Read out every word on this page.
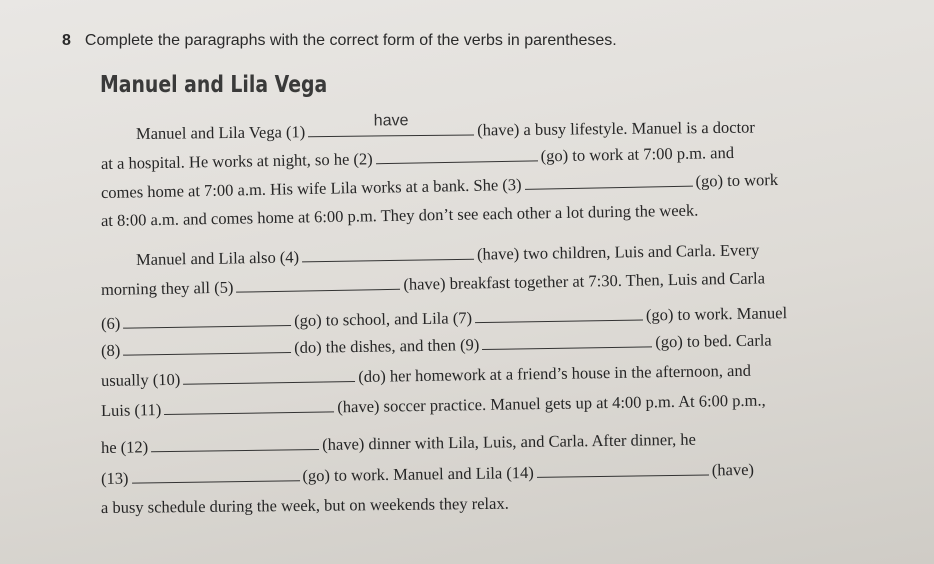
8 Complete the paragraphs with the correct form of the verbs in parentheses.
Manuel and Lila Vega
Manuel and Lila Vega (1)
have	(have) a busy lifestyle. Manuel is a doctor
at a hospital. He works at night, so he (2)	(go) to work at 7:00 p.m. and
comes home at 7:00 a.m. His wife Lila works at a bank. She (3)	(go) to work
at 8:00 a.m. and comes home at 6:00 p.m. They don’t see each other a lot during the week.
Manuel and Lila also (4)	(have) two children, Luis and Carla. Every
morning they all (5)	(have) breakfast together at 7:30. Then, Luis and Carla
(6)	(go) to school, and Lila (7)	(go) to work. Manuel
(8)	(do) the dishes, and then (9)	(go) to bed. Carla
usually (10)	(do) her homework at a friend’s house in the afternoon, and
Luis (11)	(have) soccer practice. Manuel gets up at 4:00 p.m. At 6:00 p.m.,
he (12)	(have) dinner with Lila, Luis, and Carla. After dinner, he
(13)	(go) to work. Manuel and Lila (14)	(have)
a busy schedule during the week, but on weekends they relax.
